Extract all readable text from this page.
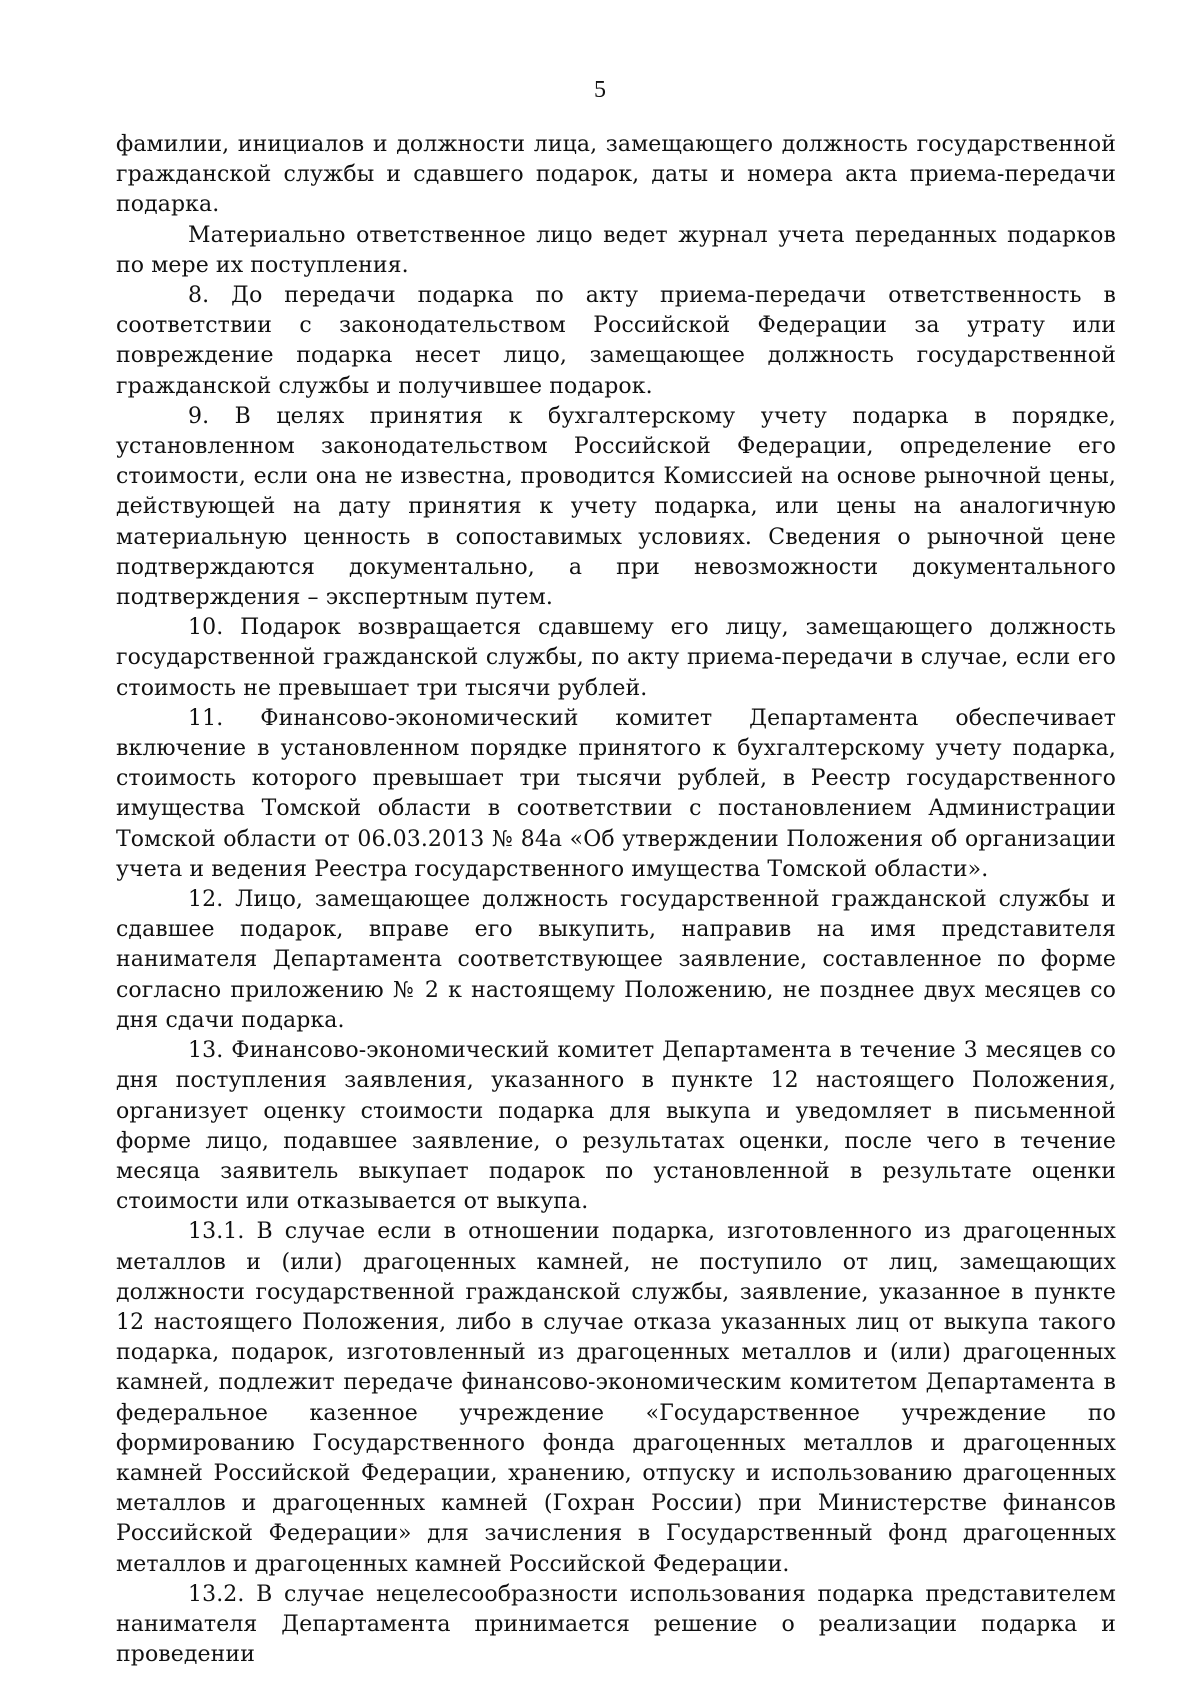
5

фамилии, инициалов и должности лица, замещающего должность государственной гражданской службы и сдавшего подарок, даты и номера акта приема-передачи подарка.

Материально ответственное лицо ведет журнал учета переданных подарков по мере их поступления.

8. До передачи подарка по акту приема-передачи ответственность в соответствии с законодательством Российской Федерации за утрату или повреждение подарка несет лицо, замещающее должность государственной гражданской службы и получившее подарок.

9. В целях принятия к бухгалтерскому учету подарка в порядке, установленном законодательством Российской Федерации, определение его стоимости, если она не известна, проводится Комиссией на основе рыночной цены, действующей на дату принятия к учету подарка, или цены на аналогичную материальную ценность в сопоставимых условиях. Сведения о рыночной цене подтверждаются документально, а при невозможности документального подтверждения – экспертным путем.

10. Подарок возвращается сдавшему его лицу, замещающего должность государственной гражданской службы, по акту приема-передачи в случае, если его стоимость не превышает три тысячи рублей.

11. Финансово-экономический комитет Департамента обеспечивает включение в установленном порядке принятого к бухгалтерскому учету подарка, стоимость которого превышает три тысячи рублей, в Реестр государственного имущества Томской области в соответствии с постановлением Администрации Томской области от 06.03.2013 № 84а «Об утверждении Положения об организации учета и ведения Реестра государственного имущества Томской области».

12. Лицо, замещающее должность государственной гражданской службы и сдавшее подарок, вправе его выкупить, направив на имя представителя нанимателя Департамента соответствующее заявление, составленное по форме согласно приложению № 2 к настоящему Положению, не позднее двух месяцев со дня сдачи подарка.

13. Финансово-экономический комитет Департамента в течение 3 месяцев со дня поступления заявления, указанного в пункте 12 настоящего Положения, организует оценку стоимости подарка для выкупа и уведомляет в письменной форме лицо, подавшее заявление, о результатах оценки, после чего в течение месяца заявитель выкупает подарок по установленной в результате оценки стоимости или отказывается от выкупа.

13.1. В случае если в отношении подарка, изготовленного из драгоценных металлов и (или) драгоценных камней, не поступило от лиц, замещающих должности государственной гражданской службы, заявление, указанное в пункте 12 настоящего Положения, либо в случае отказа указанных лиц от выкупа такого подарка, подарок, изготовленный из драгоценных металлов и (или) драгоценных камней, подлежит передаче финансово-экономическим комитетом Департамента в федеральное казенное учреждение «Государственное учреждение по формированию Государственного фонда драгоценных металлов и драгоценных камней Российской Федерации, хранению, отпуску и использованию драгоценных металлов и драгоценных камней (Гохран России) при Министерстве финансов Российской Федерации» для зачисления в Государственный фонд драгоценных металлов и драгоценных камней Российской Федерации.

13.2. В случае нецелесообразности использования подарка представителем нанимателя Департамента принимается решение о реализации подарка и проведении
